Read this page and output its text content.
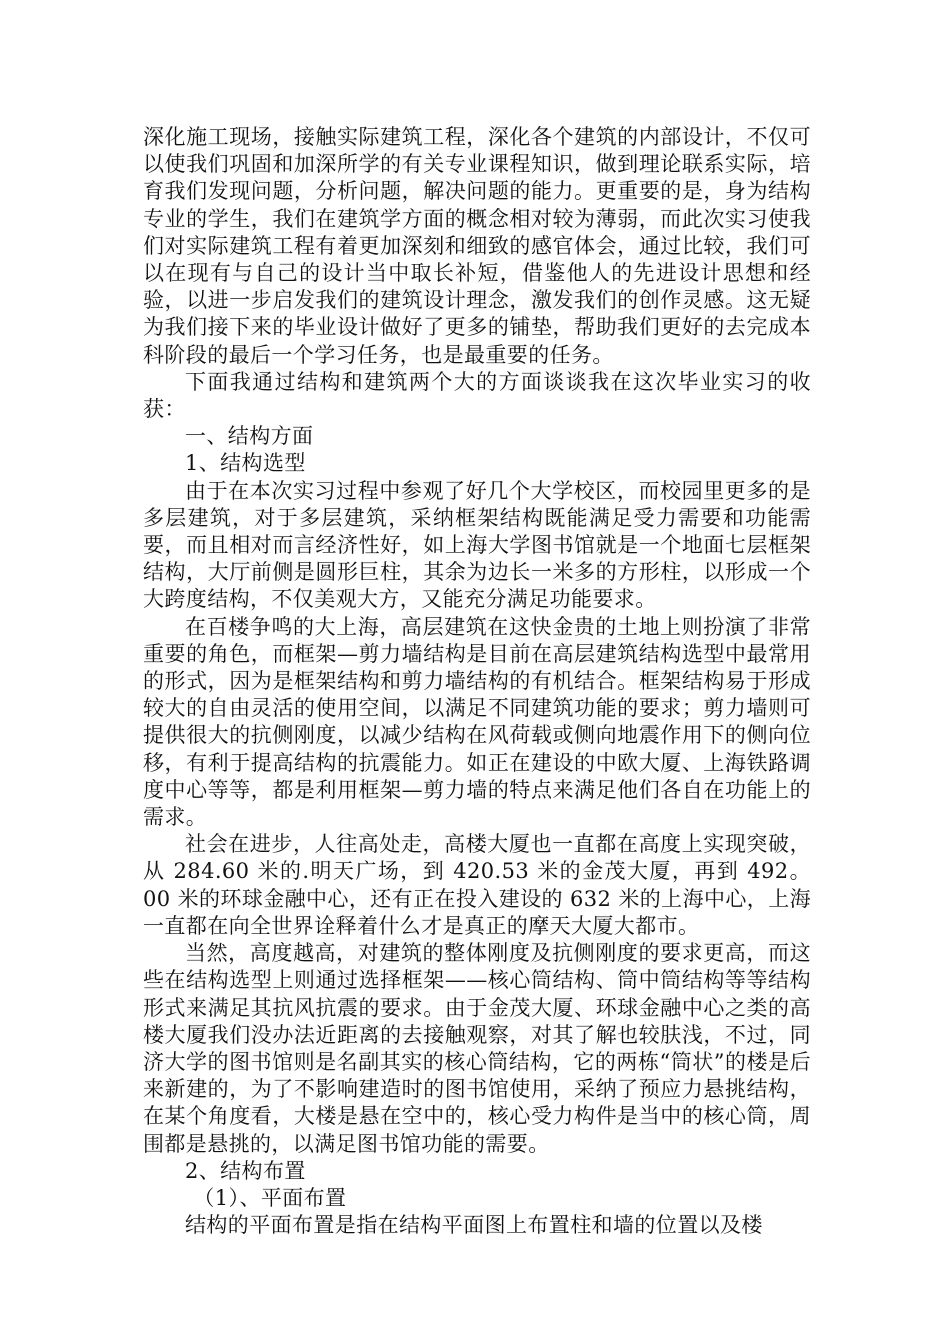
深化施工现场，接触实际建筑工程，深化各个建筑的内部设计，不仅可以使我们巩固和加深所学的有关专业课程知识，做到理论联系实际，培育我们发现问题，分析问题，解决问题的能力。更重要的是，身为结构专业的学生，我们在建筑学方面的概念相对较为薄弱，而此次实习使我们对实际建筑工程有着更加深刻和细致的感官体会，通过比较，我们可以在现有与自己的设计当中取长补短，借鉴他人的先进设计思想和经验，以进一步启发我们的建筑设计理念，激发我们的创作灵感。这无疑为我们接下来的毕业设计做好了更多的铺垫，帮助我们更好的去完成本科阶段的最后一个学习任务，也是最重要的任务。

下面我通过结构和建筑两个大的方面谈谈我在这次毕业实习的收获：

一、结构方面

1、结构选型

由于在本次实习过程中参观了好几个大学校区，而校园里更多的是多层建筑，对于多层建筑，采纳框架结构既能满足受力需要和功能需要，而且相对而言经济性好，如上海大学图书馆就是一个地面七层框架结构，大厅前侧是圆形巨柱，其余为边长一米多的方形柱，以形成一个大跨度结构，不仅美观大方，又能充分满足功能要求。

在百楼争鸣的大上海，高层建筑在这快金贵的土地上则扮演了非常重要的角色，而框架—剪力墙结构是目前在高层建筑结构选型中最常用的形式，因为是框架结构和剪力墙结构的有机结合。框架结构易于形成较大的自由灵活的使用空间，以满足不同建筑功能的要求；剪力墙则可提供很大的抗侧刚度，以减少结构在风荷载或侧向地震作用下的侧向位移，有利于提高结构的抗震能力。如正在建设的中欧大厦、上海铁路调度中心等等，都是利用框架—剪力墙的特点来满足他们各自在功能上的需求。

社会在进步，人往高处走，高楼大厦也一直都在高度上实现突破，从 284.60 米的.明天广场，到 420.53 米的金茂大厦，再到 492。00 米的环球金融中心，还有正在投入建设的 632 米的上海中心，上海一直都在向全世界诠释着什么才是真正的摩天大厦大都市。

当然，高度越高，对建筑的整体刚度及抗侧刚度的要求更高，而这些在结构选型上则通过选择框架——核心筒结构、筒中筒结构等等结构形式来满足其抗风抗震的要求。由于金茂大厦、环球金融中心之类的高楼大厦我们没办法近距离的去接触观察，对其了解也较肤浅，不过，同济大学的图书馆则是名副其实的核心筒结构，它的两栋“筒状”的楼是后来新建的，为了不影响建造时的图书馆使用，采纳了预应力悬挑结构，在某个角度看，大楼是悬在空中的，核心受力构件是当中的核心筒，周围都是悬挑的，以满足图书馆功能的需要。

2、结构布置

（1）、平面布置

结构的平面布置是指在结构平面图上布置柱和墙的位置以及楼
